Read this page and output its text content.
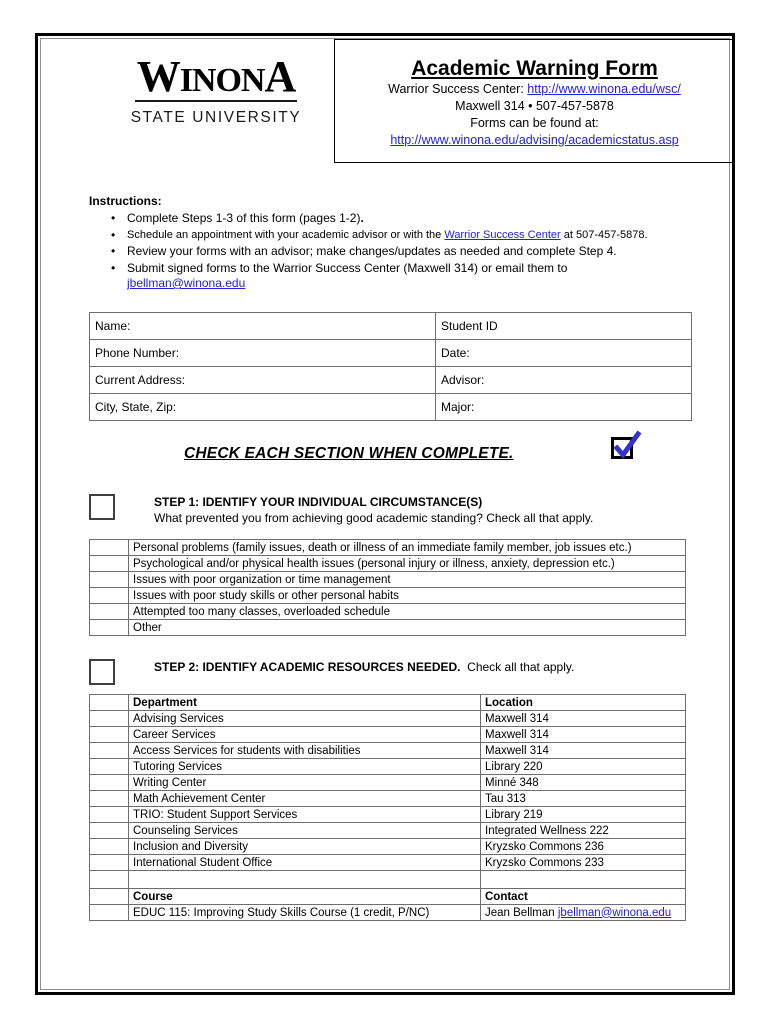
WINONA
STATE UNIVERSITY
Academic Warning Form
Warrior Success Center: http://www.winona.edu/wsc/
Maxwell 314 • 507-457-5878
Forms can be found at:
http://www.winona.edu/advising/academicstatus.asp
Instructions:
• Complete Steps 1-3 of this form (pages 1-2).
• Schedule an appointment with your academic advisor or with the Warrior Success Center at 507-457-5878.
• Review your forms with an advisor; make changes/updates as needed and complete Step 4.
• Submit signed forms to the Warrior Success Center (Maxwell 314) or email them to
jbellman@winona.edu
Name:	Student ID
Phone Number:	Date:
Current Address:	Advisor:
City, State, Zip:	Major:
CHECK EACH SECTION WHEN COMPLETE.
STEP 1: IDENTIFY YOUR INDIVIDUAL CIRCUMSTANCE(S)
What prevented you from achieving good academic standing? Check all that apply.
	Personal problems (family issues, death or illness of an immediate family member, job issues etc.)
	Psychological and/or physical health issues (personal injury or illness, anxiety, depression etc.)
	Issues with poor organization or time management
	Issues with poor study skills or other personal habits
	Attempted too many classes, overloaded schedule
	Other
STEP 2: IDENTIFY ACADEMIC RESOURCES NEEDED. Check all that apply.
	Department	Location
	Advising Services	Maxwell 314
	Career Services	Maxwell 314
	Access Services for students with disabilities	Maxwell 314
	Tutoring Services	Library 220
	Writing Center	Minné 348
	Math Achievement Center	Tau 313
	TRIO: Student Support Services	Library 219
	Counseling Services	Integrated Wellness 222
	Inclusion and Diversity	Kryzsko Commons 236
	International Student Office	Kryzsko Commons 233

	Course	Contact
	EDUC 115: Improving Study Skills Course (1 credit, P/NC)	Jean Bellman jbellman@winona.edu
